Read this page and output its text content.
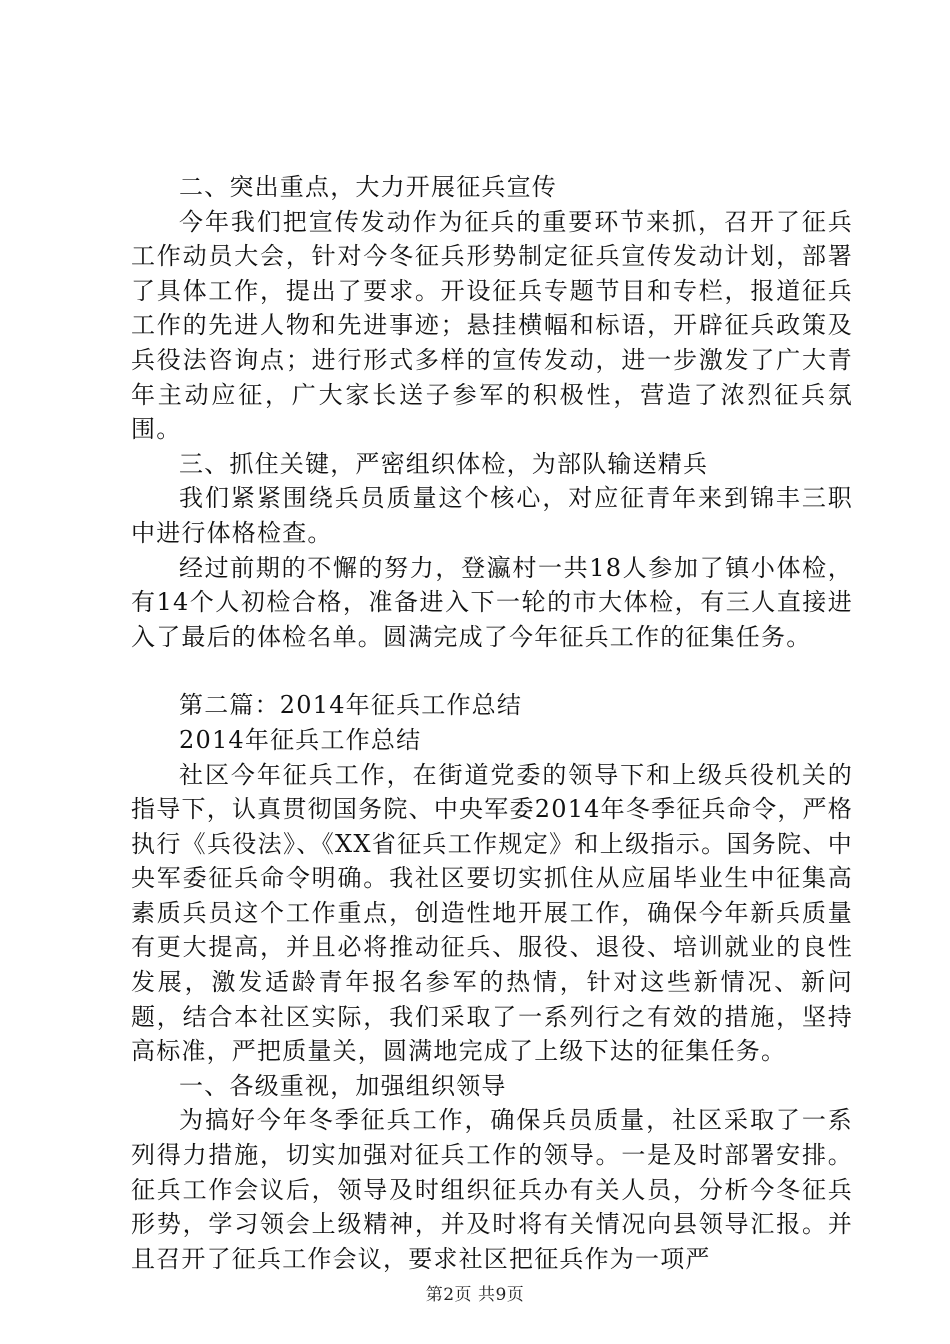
二、突出重点，大力开展征兵宣传

今年我们把宣传发动作为征兵的重要环节来抓，召开了征兵工作动员大会，针对今冬征兵形势制定征兵宣传发动计划，部署了具体工作，提出了要求。开设征兵专题节目和专栏，报道征兵工作的先进人物和先进事迹；悬挂横幅和标语，开辟征兵政策及兵役法咨询点；进行形式多样的宣传发动，进一步激发了广大青年主动应征，广大家长送子参军的积极性，营造了浓烈征兵氛围。

三、抓住关键，严密组织体检，为部队输送精兵

我们紧紧围绕兵员质量这个核心，对应征青年来到锦丰三职中进行体格检查。

经过前期的不懈的努力，登瀛村一共18人参加了镇小体检，有14个人初检合格，准备进入下一轮的市大体检，有三人直接进入了最后的体检名单。圆满完成了今年征兵工作的征集任务。

第二篇：2014年征兵工作总结

2014年征兵工作总结

社区今年征兵工作，在街道党委的领导下和上级兵役机关的指导下，认真贯彻国务院、中央军委2014年冬季征兵命令，严格执行《兵役法》、《XX省征兵工作规定》和上级指示。国务院、中央军委征兵命令明确。我社区要切实抓住从应届毕业生中征集高素质兵员这个工作重点，创造性地开展工作，确保今年新兵质量有更大提高，并且必将推动征兵、服役、退役、培训就业的良性发展，激发适龄青年报名参军的热情，针对这些新情况、新问题，结合本社区实际，我们采取了一系列行之有效的措施，坚持高标准，严把质量关，圆满地完成了上级下达的征集任务。

一、各级重视，加强组织领导

为搞好今年冬季征兵工作，确保兵员质量，社区采取了一系列得力措施，切实加强对征兵工作的领导。一是及时部署安排。征兵工作会议后，领导及时组织征兵办有关人员，分析今冬征兵形势，学习领会上级精神，并及时将有关情况向县领导汇报。并且召开了征兵工作会议，要求社区把征兵作为一项严

第2页 共9页
